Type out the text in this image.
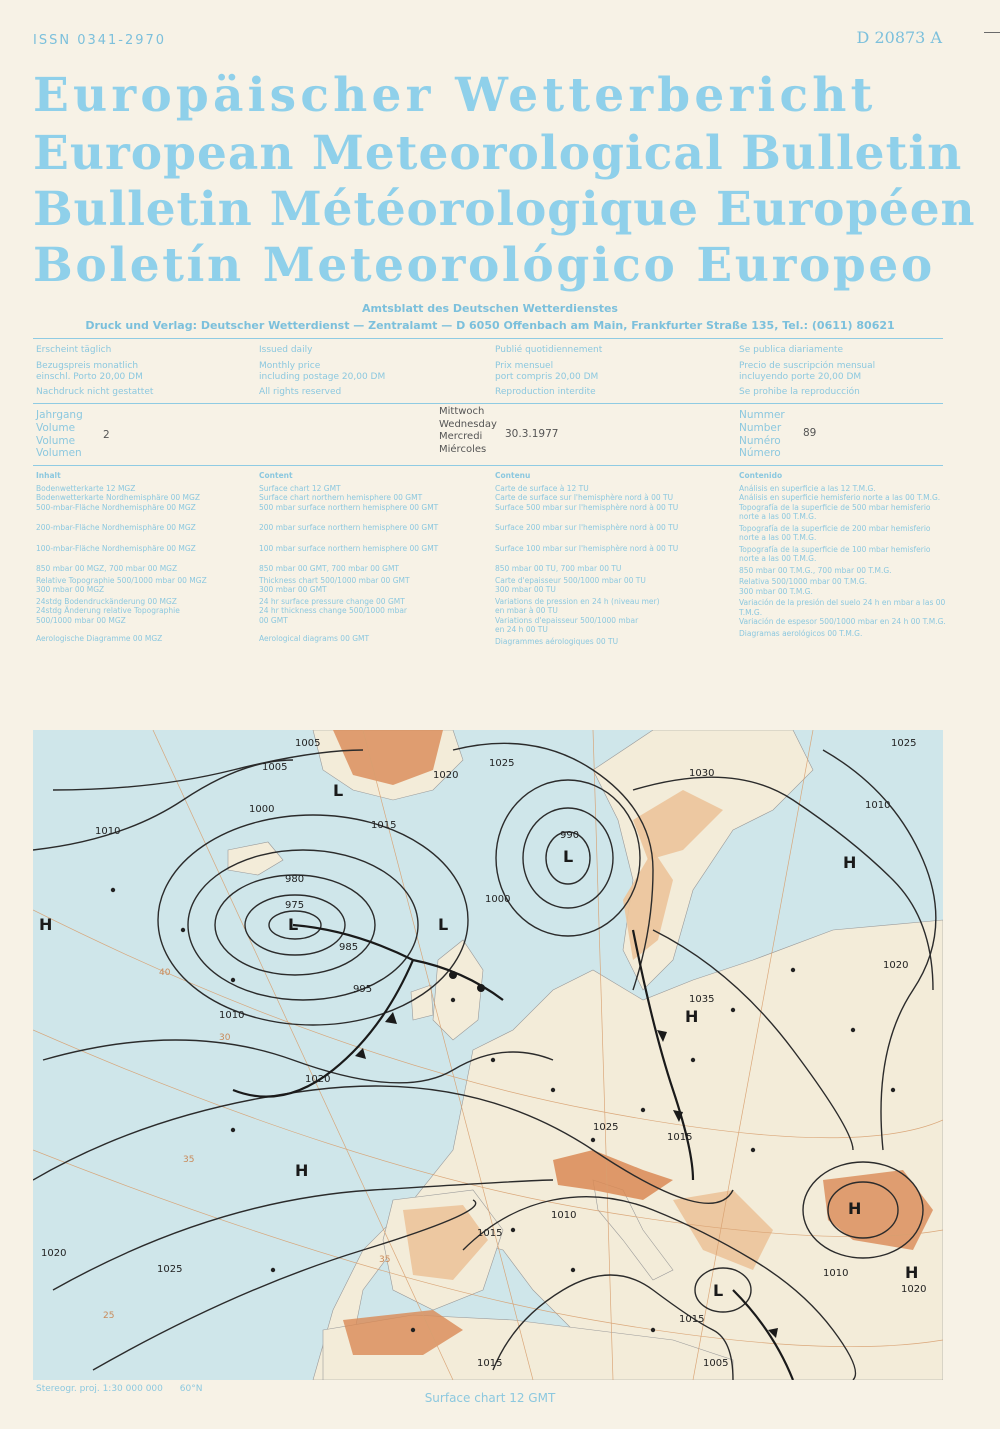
ISSN 0341-2970	D 20873 A
Europäischer Wetterbericht
European Meteorological Bulletin
Bulletin Météorologique Européen
Boletín Meteorológico Europeo
Amtsblatt des Deutschen Wetterdienstes
Druck und Verlag: Deutscher Wetterdienst — Zentralamt — D 6050 Offenbach am Main, Frankfurter Straße 135, Tel.: (0611) 80621
Erscheint täglich
Bezugspreis monatlich
einschl. Porto 20,00 DM
Nachdruck nicht gestattet
Issued daily
Monthly price
including postage 20,00 DM
All rights reserved
Publié quotidiennement
Prix mensuel
port compris 20,00 DM
Reproduction interdite
Se publica diariamente
Precio de suscripción mensual
incluyendo porte 20,00 DM
Se prohibe la reproducción
Jahrgang
Volume
Volume
Volumen
2
Mittwoch
Wednesday
Mercredi
Miércoles
30.3.1977
Nummer
Number
Numéro
Número
89
Inhalt
Bodenwetterkarte 12 MGZ
Bodenwetterkarte Nordhemisphäre 00 MGZ
500-mbar-Fläche Nordhemisphäre 00 MGZ
200-mbar-Fläche Nordhemisphäre 00 MGZ
100-mbar-Fläche Nordhemisphäre 00 MGZ
850 mbar 00 MGZ, 700 mbar 00 MGZ
Relative Topographie 500/1000 mbar 00 MGZ
300 mbar 00 MGZ
24stdg Bodendruckänderung 00 MGZ
24stdg Änderung relative Topographie 500/1000 mbar 00 MGZ
Aerologische Diagramme 00 MGZ
Content
Surface chart 12 GMT
Surface chart northern hemisphere 00 GMT
500 mbar surface northern hemisphere 00 GMT
200 mbar surface northern hemisphere 00 GMT
100 mbar surface northern hemisphere 00 GMT
850 mbar 00 GMT, 700 mbar 00 GMT
Thickness chart 500/1000 mbar 00 GMT
300 mbar 00 GMT
24 hr surface pressure change 00 GMT
24 hr thickness change 500/1000 mbar 00 GMT
Aerological diagrams 00 GMT
Contenu
Carte de surface à 12 TU
Carte de surface sur l'hemisphère nord à 00 TU
Surface 500 mbar sur l'hemisphère nord à 00 TU
Surface 200 mbar sur l'hemisphère nord à 00 TU
Surface 100 mbar sur l'hemisphère nord à 00 TU
850 mbar 00 TU, 700 mbar 00 TU
Carte d'epaisseur 500/1000 mbar 00 TU
300 mbar 00 TU
Variations de pression en 24 h (niveau mer) en mbar à 00 TU
Variations d'epaisseur 500/1000 mbar en 24 h 00 TU
Diagrammes aérologiques 00 TU
Contenido
Análisis en superficie a las 12 T.M.G.
Análisis en superficie hemisferio norte a las 00 T.M.G.
Topografía de la superficie de 500 mbar hemisferio norte a las 00 T.M.G.
Topografía de la superficie de 200 mbar hemisferio norte a las 00 T.M.G.
Topografía de la superficie de 100 mbar hemisferio norte a las 00 T.M.G.
850 mbar 00 T.M.G., 700 mbar 00 T.M.G.
Relativa 500/1000 mbar 00 T.M.G.
300 mbar 00 T.M.G.
Variación de la presión del suelo 24 h en mbar a las 00 T.M.G.
Variación de espesor 500/1000 mbar en 24 h 00 T.M.G.
Diagramas aerológicos 00 T.M.G.
1005
1005
1000
1010
1020
1025
990
980
1000
1015
985
975
995
1010
1020
1025
1030
1035
1020
1010
1015
1020
1025
1025
1015
1010
1020
1010
1015
1005
1015
H	L
L
L
H
H
H
L
H
H
L
40
35
35
30
25
Stereogr. proj. 1:30 000 000 60°N
Surface chart 12 GMT
